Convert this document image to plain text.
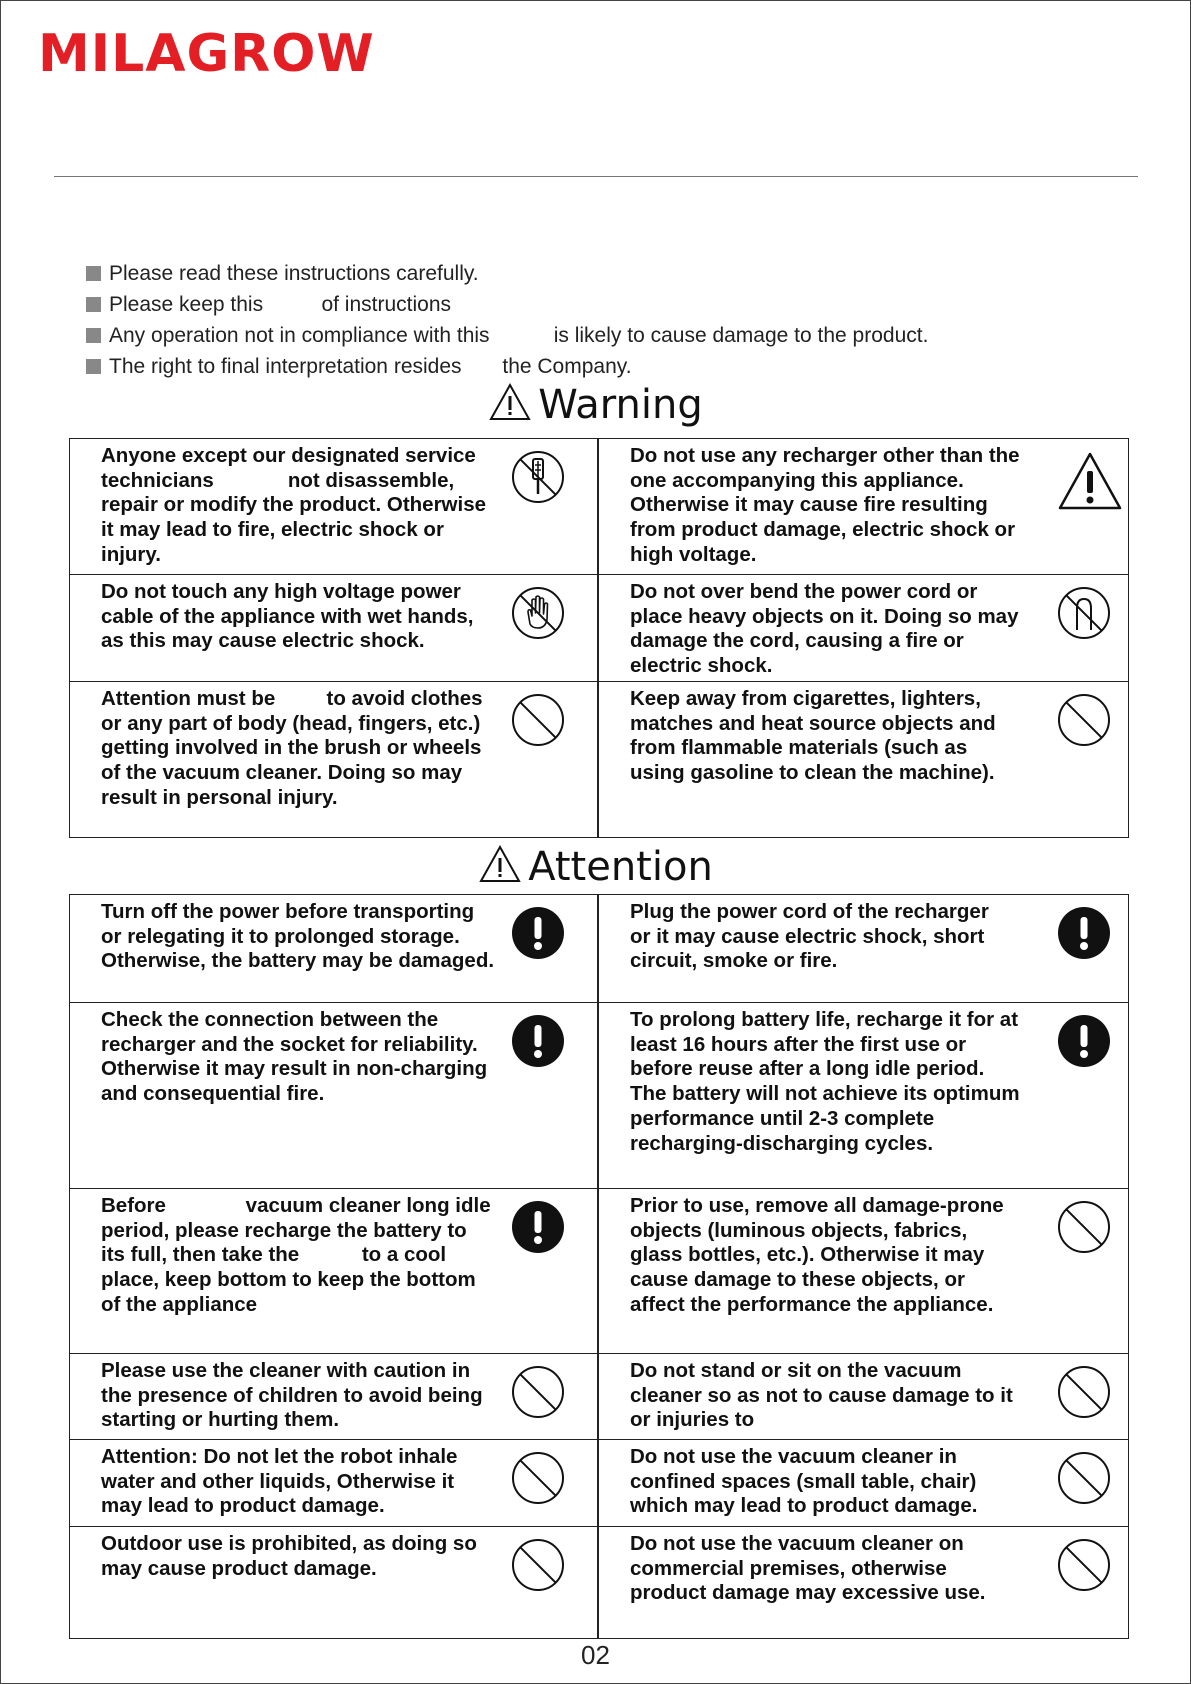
MILAGROW
Please read these instructions carefully.
Please keep this          of instructions
Any operation not in compliance with this           is likely to cause damage to the product.
The right to final interpretation resides       the Company.
Warning
Anyone except our designated service technicians             not disassemble, repair or modify the product. Otherwise it may lead to fire, electric shock or injury.
Do not use any recharger other than the one accompanying this appliance. Otherwise it may cause fire resulting from product damage, electric shock or high voltage.
Do not touch any high voltage power cable of the appliance with wet hands, as this may cause electric shock.
Do not over bend the power cord or place heavy objects on it. Doing so may damage the cord, causing a fire or electric shock.
Attention must be         to avoid clothes or any part of body (head, fingers, etc.) getting involved in the brush or wheels of the vacuum cleaner. Doing so may result in personal injury.
Keep away from cigarettes, lighters, matches and heat source objects and from flammable materials (such as using gasoline to clean the machine).
Attention
Turn off the power before transporting or relegating it to prolonged storage. Otherwise, the battery may be damaged.
Plug the power cord of the recharger           or it may cause electric shock, short circuit, smoke or fire.
Check the connection between the recharger and the socket for reliability. Otherwise it may result in non-charging and consequential fire.
To prolong battery life, recharge it for at least 16 hours after the first use or before reuse after a long idle period. The battery will not achieve its optimum performance until 2-3 complete recharging-discharging cycles.
Before              vacuum cleaner long idle period, please recharge the battery to its full, then take the           to a cool place, keep bottom to keep the bottom of the appliance
Prior to use, remove all damage-prone objects (luminous objects, fabrics, glass bottles, etc.). Otherwise it may cause damage to these objects, or affect the performance the appliance.
Please use the cleaner with caution in the presence of children to avoid being starting or hurting them.
Do not stand or sit on the vacuum cleaner so as not to cause damage to it or injuries to
Attention: Do not let the robot inhale water and other liquids, Otherwise it may lead to product damage.
Do not use the vacuum cleaner in confined spaces (small table, chair) which may lead to product damage.
Outdoor use is prohibited, as doing so may cause product damage.
Do not use the vacuum cleaner on commercial premises, otherwise product damage may excessive use.
02
